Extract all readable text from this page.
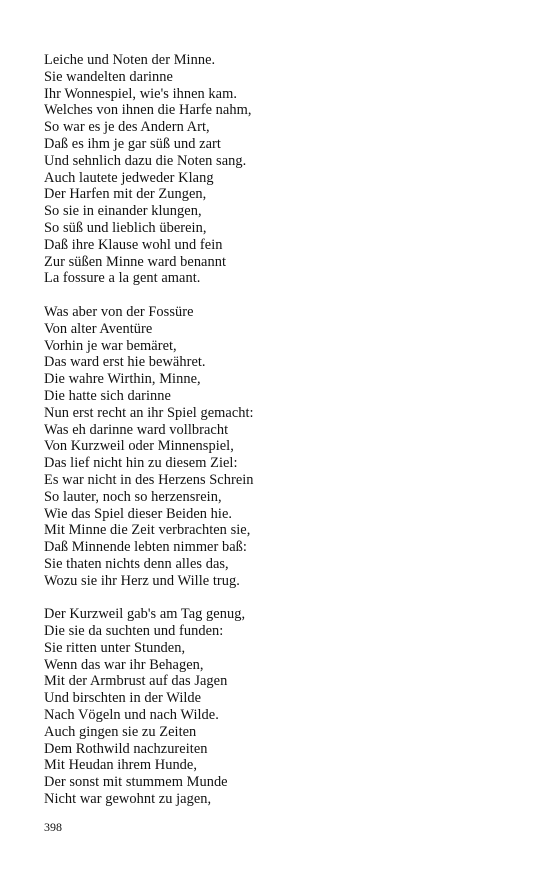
Leiche und Noten der Minne.
Sie wandelten darinne
Ihr Wonnespiel, wie's ihnen kam.
Welches von ihnen die Harfe nahm,
So war es je des Andern Art,
Daß es ihm je gar süß und zart
Und sehnlich dazu die Noten sang.
Auch lautete jedweder Klang
Der Harfen mit der Zungen,
So sie in einander klungen,
So süß und lieblich überein,
Daß ihre Klause wohl und fein
Zur süßen Minne ward benannt
La fossure a la gent amant.
Was aber von der Fossüre
Von alter Aventüre
Vorhin je war bemäret,
Das ward erst hie bewähret.
Die wahre Wirthin, Minne,
Die hatte sich darinne
Nun erst recht an ihr Spiel gemacht:
Was eh darinne ward vollbracht
Von Kurzweil oder Minnenspiel,
Das lief nicht hin zu diesem Ziel:
Es war nicht in des Herzens Schrein
So lauter, noch so herzensrein,
Wie das Spiel dieser Beiden hie.
Mit Minne die Zeit verbrachten sie,
Daß Minnende lebten nimmer baß:
Sie thaten nichts denn alles das,
Wozu sie ihr Herz und Wille trug.
Der Kurzweil gab's am Tag genug,
Die sie da suchten und funden:
Sie ritten unter Stunden,
Wenn das war ihr Behagen,
Mit der Armbrust auf das Jagen
Und birschten in der Wilde
Nach Vögeln und nach Wilde.
Auch gingen sie zu Zeiten
Dem Rothwild nachzureiten
Mit Heudan ihrem Hunde,
Der sonst mit stummem Munde
Nicht war gewohnt zu jagen,
398
